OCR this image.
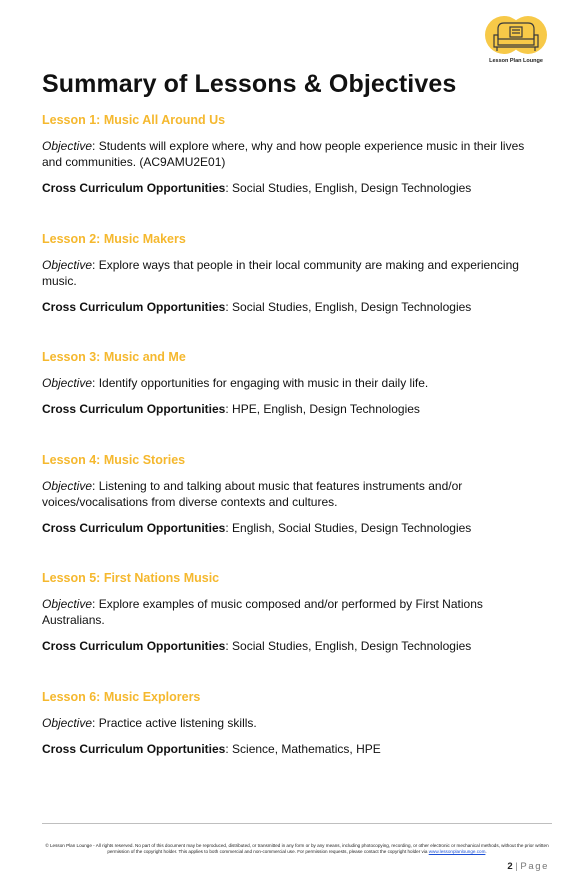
Lesson Plan Lounge
Summary of Lessons & Objectives

Lesson 1: Music All Around Us

Objective: Students will explore where, why and how people experience music in their lives and communities. (AC9AMU2E01)

Cross Curriculum Opportunities: Social Studies, English, Design Technologies

Lesson 2: Music Makers

Objective: Explore ways that people in their local community are making and experiencing music.

Cross Curriculum Opportunities: Social Studies, English, Design Technologies

Lesson 3: Music and Me

Objective: Identify opportunities for engaging with music in their daily life.

Cross Curriculum Opportunities: HPE, English, Design Technologies

Lesson 4: Music Stories

Objective: Listening to and talking about music that features instruments and/or voices/vocalisations from diverse contexts and cultures.

Cross Curriculum Opportunities: English, Social Studies, Design Technologies

Lesson 5: First Nations Music

Objective: Explore examples of music composed and/or performed by First Nations Australians.

Cross Curriculum Opportunities: Social Studies, English, Design Technologies

Lesson 6: Music Explorers

Objective: Practice active listening skills.

Cross Curriculum Opportunities: Science, Mathematics, HPE

© Lesson Plan Lounge - All rights reserved. No part of this document may be reproduced, distributed, or transmitted in any form or by any means, including photocopying, recording, or other electronic or mechanical methods, without the prior written permission of the copyright holder. This applies to both commercial and non-commercial use. For permission requests, please contact the copyright holder via www.lessonplanlounge.com.
2 | Page
